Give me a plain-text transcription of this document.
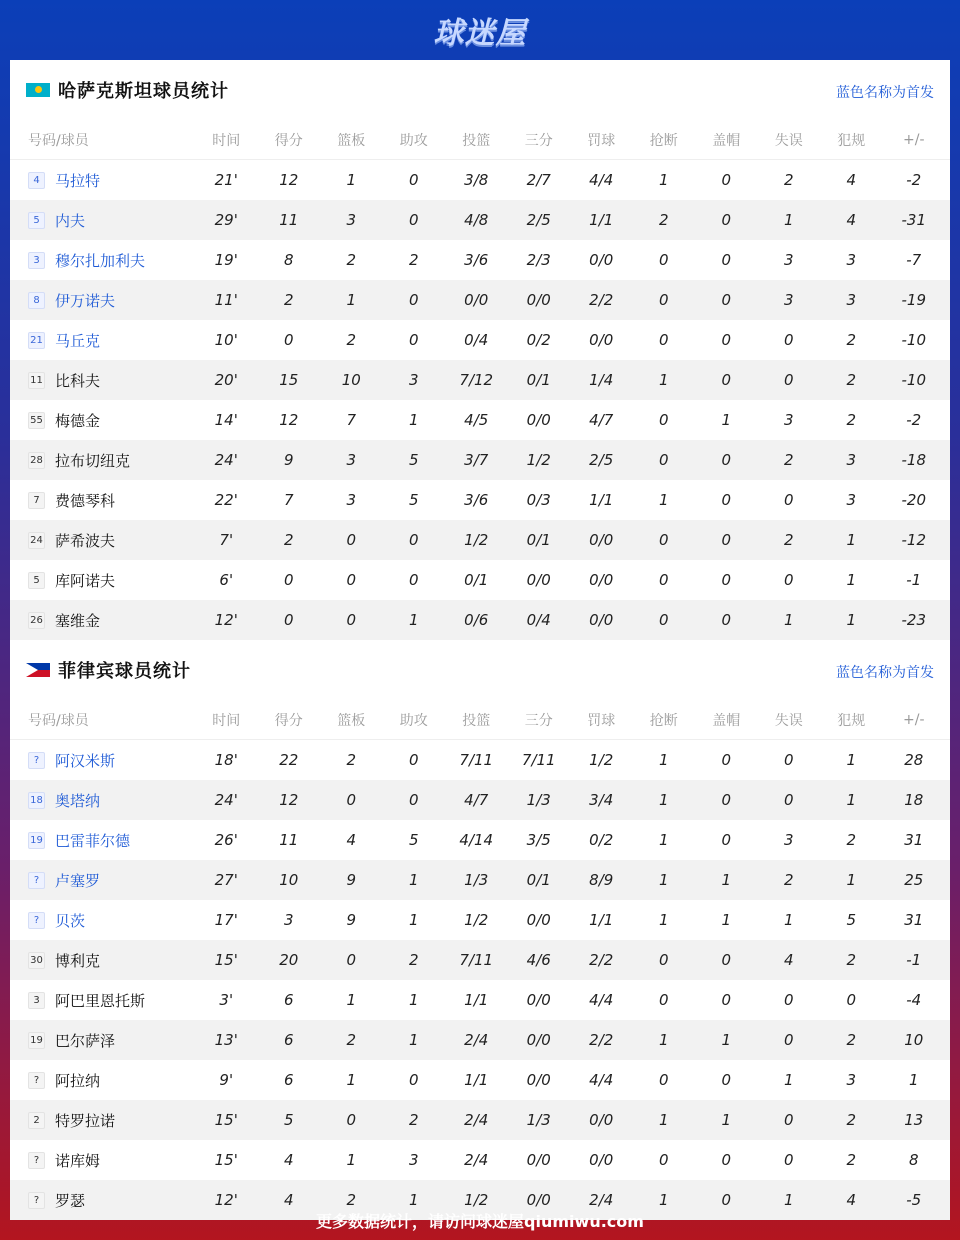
球迷屋
哈萨克斯坦球员统计	蓝色名称为首发
号码/球员	时间	得分	篮板	助攻	投篮	三分	罚球	抢断	盖帽	失误	犯规	+/-
4	马拉特	21'	12	1	0	3/8	2/7	4/4	1	0	2	4	-2
5	内夫	29'	11	3	0	4/8	2/5	1/1	2	0	1	4	-31
3	穆尔扎加利夫	19'	8	2	2	3/6	2/3	0/0	0	0	3	3	-7
8	伊万诺夫	11'	2	1	0	0/0	0/0	2/2	0	0	3	3	-19
21 马丘克	10'	0	2	0	0/4	0/2	0/0	0	0	0	2	-10
11 比科夫	20'	15	10	3	7/12	0/1	1/4	1	0	0	2	-10
55 梅德金	14'	12	7	1	4/5	0/0	4/7	0	1	3	2	-2
28 拉布切纽克	24'	9	3	5	3/7	1/2	2/5	0	0	2	3	-18
7	费德琴科	22'	7	3	5	3/6	0/3	1/1	1	0	0	3	-20
24 萨希波夫	7'	2	0	0	1/2	0/1	0/0	0	0	2	1	-12
5	库阿诺夫	6'	0	0	0	0/1	0/0	0/0	0	0	0	1	-1
26 塞维金	12'	0	0	1	0/6	0/4	0/0	0	0	1	1	-23
菲律宾球员统计	蓝色名称为首发
号码/球员	时间	得分	篮板	助攻	投篮	三分	罚球	抢断	盖帽	失误	犯规	+/-
?	阿汉米斯	18'	22	2	0	7/11	7/11	1/2	1	0	0	1	28
18 奥塔纳	24'	12	0	0	4/7	1/3	3/4	1	0	0	1	18
19 巴雷菲尔德	26'	11	4	5	4/14	3/5	0/2	1	0	3	2	31
?	卢塞罗	27'	10	9	1	1/3	0/1	8/9	1	1	2	1	25
?	贝茨	17'	3	9	1	1/2	0/0	1/1	1	1	1	5	31
30 博利克	15'	20	0	2	7/11	4/6	2/2	0	0	4	2	-1
3	阿巴里恩托斯	3'	6	1	1	1/1	0/0	4/4	0	0	0	0	-4
19 巴尔萨泽	13'	6	2	1	2/4	0/0	2/2	1	1	0	2	10
?	阿拉纳	9'	6	1	0	1/1	0/0	4/4	0	0	1	3	1
2	特罗拉诺	15'	5	0	2	2/4	1/3	0/0	1	1	0	2	13
?	诺库姆	15'	4	1	3	2/4	0/0	0/0	0	0	0	2	8
?	罗瑟	12'	4	2	1	1/2	0/0	2/4	1	0	1	4	-5
更多数据统计，请访问球迷屋qiumiwu.com
